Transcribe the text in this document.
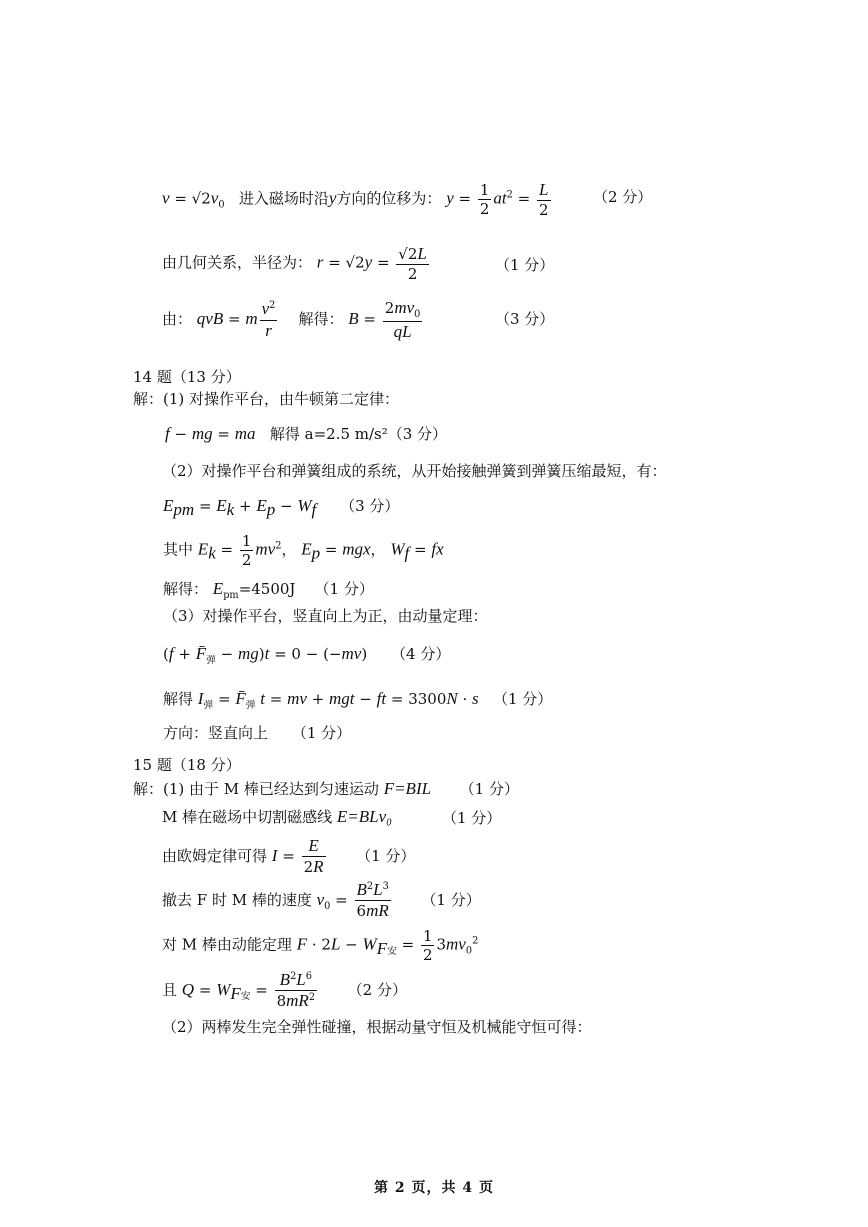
$v = √2v_0$ 进入磁场时沿y方向的位移为： $y = \frac{1}{2} at^2 = \frac{L}{2}$	（2 分）
由几何关系，半径为： $r = √2y = \frac{√2L}{2}$	（1 分）
由： qvB = m $\frac{v^2}{r}$ 解得： $B = \frac{2mv_0}{qL}$	（3 分）
14 题（13 分）
解：(1) 对操作平台，由牛顿第二定律：
f − mg = ma 解得 a=2.5 m/s²（3 分）
（2）对操作平台和弹簧组成的系统，从开始接触弹簧到弹簧压缩最短，有：
$E_{pm} = E_k + E_p - W_f$ （3 分）
其中 $E_k = \frac{1}{2} mv^2$， $E_p$ = mgx， $W_f$ = fx
解得： $E_{pm}=4500J$ （1 分）
（3）对操作平台，竖直向上为正，由动量定理：
$(f + F̄_弹 - mg)t = 0 - (-mv)$     （4 分）
解得 $I_弹$ = $F̄_弹$ t = mv + mgt − ft = 3300N · s （1 分）
方向：竖直向上 （1 分）
15 题（18 分）
解：(1) 由于 M 棒已经达到匀速运动 F=BIL （1 分）
M 棒在磁场中切割磁感线 E=BLv₀	（1 分）
由欧姆定律可得 $I = \frac{E}{2R} (1$ 分）
撤去 F 时 M 棒的速度 $v_0 = \frac{B^2L^3}{6mR} (1$ 分）
对 M 棒由动能定理 $F \cdot 2L - W_{F安} = \frac{1}{2} 3mv_0^2$
且 $Q = W_{F安} = \frac{B^2L^6}{8mR^2} (2$ 分）
（2）两棒发生完全弹性碰撞，根据动量守恒及机械能守恒可得：
第 2 页，共 4 页
